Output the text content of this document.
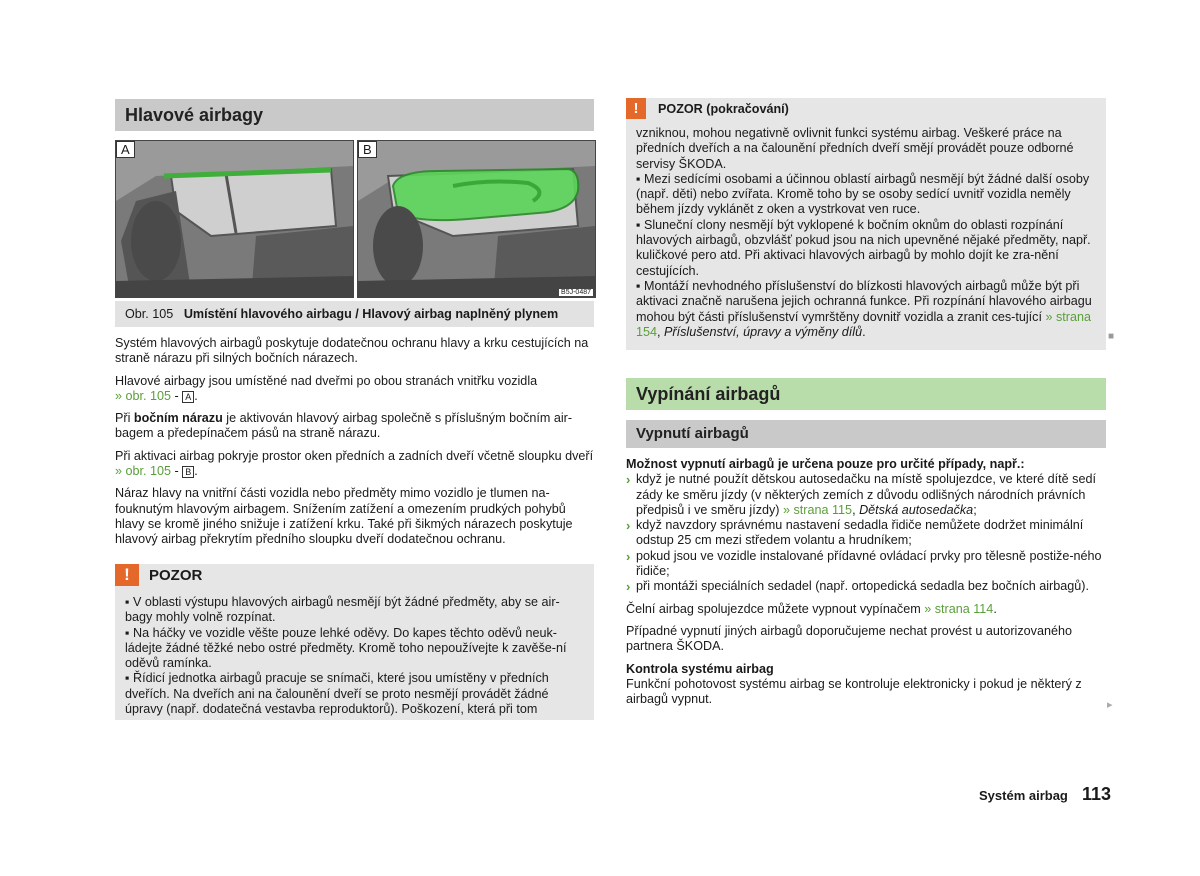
Hlavové airbagy
A	B
B5J-0487
Obr. 105 Umístění hlavového airbagu / Hlavový airbag naplněný plynem

Systém hlavových airbagů poskytuje dodatečnou ochranu hlavy a krku cestujících na straně nárazu při silných bočních nárazech.

Hlavové airbagy jsou umístěné nad dveřmi po obou stranách vnitřku vozidla
» obr. 105 - A .

Při bočním nárazu je aktivován hlavový airbag společně s příslušným bočním air-bagem a předepínačem pásů na straně nárazu.

Při aktivaci airbag pokryje prostor oken předních a zadních dveří včetně sloupku dveří » obr. 105 - B .

Náraz hlavy na vnitřní části vozidla nebo předměty mimo vozidlo je tlumen na-fouknutým hlavovým airbagem. Snížením zatížení a omezením prudkých pohybů hlavy se kromě jiného snižuje i zatížení krku. Také při šikmých nárazech poskytuje hlavový airbag překrytím předního sloupku dveří dodatečnou ochranu.

!	POZOR

▪ V oblasti výstupu hlavových airbagů nesmějí být žádné předměty, aby se air-bagy mohly volně rozpínat.

▪ Na háčky ve vozidle věšte pouze lehké oděvy. Do kapes těchto oděvů neuk-ládejte žádné těžké nebo ostré předměty. Kromě toho nepoužívejte k zavěše-ní oděvů ramínka.

▪ Řídicí jednotka airbagů pracuje se snímači, které jsou umístěny v předních dveřích. Na dveřích ani na čalounění dveří se proto nesmějí provádět žádné úpravy (např. dodatečná vestavba reproduktorů). Poškození, která při tom

!	POZOR (pokračování)

vzniknou, mohou negativně ovlivnit funkci systému airbag. Veškeré práce na předních dveřích a na čalounění předních dveří smějí provádět pouze odborné servisy ŠKODA.

▪ Mezi sedícími osobami a účinnou oblastí airbagů nesmějí být žádné další osoby (např. děti) nebo zvířata. Kromě toho by se osoby sedící uvnitř vozidla neměly během jízdy vyklánět z oken a vystrkovat ven ruce.

▪ Sluneční clony nesmějí být vyklopené k bočním oknům do oblasti rozpínání hlavových airbagů, obzvlášť pokud jsou na nich upevněné nějaké předměty, např. kuličkové pero atd. Při aktivaci hlavových airbagů by mohlo dojít ke zra-nění cestujících.

▪ Montáží nevhodného příslušenství do blízkosti hlavových airbagů může být při aktivaci značně narušena jejich ochranná funkce. Při rozpínání hlavového airbagu mohou být části příslušenství vymrštěny dovnitř vozidla a zranit ces-tující » strana 154, Příslušenství, úpravy a výměny dílů.	■
Vypínání airbagů
Vypnutí airbagů

Možnost vypnutí airbagů je určena pouze pro určité případy, např.:

› když je nutné použít dětskou autosedačku na místě spolujezdce, ve které dítě sedí zády ke směru jízdy (v některých zemích z důvodu odlišných národních právních předpisů i ve směru jízdy) » strana 115, Dětská autosedačka;

› když navzdory správnému nastavení sedadla řidiče nemůžete dodržet minimální odstup 25 cm mezi středem volantu a hrudníkem;

› pokud jsou ve vozidle instalované přídavné ovládací prvky pro tělesně postiže-ného řidiče;

› při montáži speciálních sedadel (např. ortopedická sedadla bez bočních airbagů).

Čelní airbag spolujezdce můžete vypnout vypínačem » strana 114.

Případné vypnutí jiných airbagů doporučujeme nechat provést u autorizovaného partnera ŠKODA.

Kontrola systému airbag

Funkční pohotovost systému airbag se kontroluje elektronicky i pokud je některý z airbagů vypnut.	▸
Systém airbag 113
